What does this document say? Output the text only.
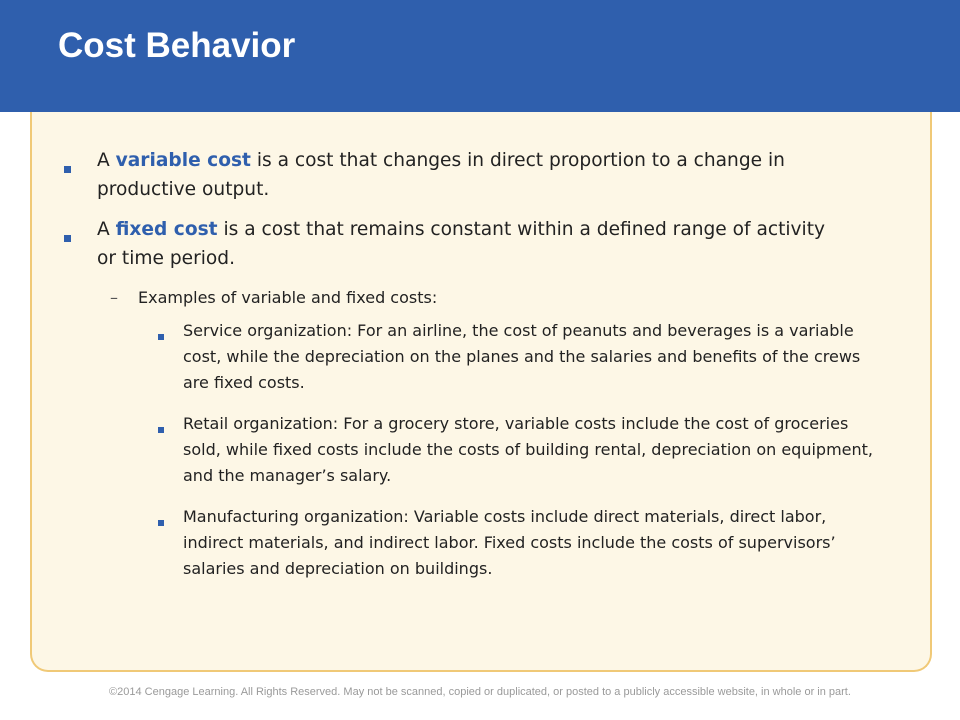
Cost Behavior

A variable cost is a cost that changes in direct proportion to a change in productive output.

A fixed cost is a cost that remains constant within a defined range of activity or time period.

– Examples of variable and fixed costs:

Service organization: For an airline, the cost of peanuts and beverages is a variable cost, while the depreciation on the planes and the salaries and benefits of the crews are fixed costs.

Retail organization: For a grocery store, variable costs include the cost of groceries sold, while fixed costs include the costs of building rental, depreciation on equipment, and the manager’s salary.

Manufacturing organization: Variable costs include direct materials, direct labor, indirect materials, and indirect labor. Fixed costs include the costs of supervisors’ salaries and depreciation on buildings.

©2014 Cengage Learning. All Rights Reserved. May not be scanned, copied or duplicated, or posted to a publicly accessible website, in whole or in part.
